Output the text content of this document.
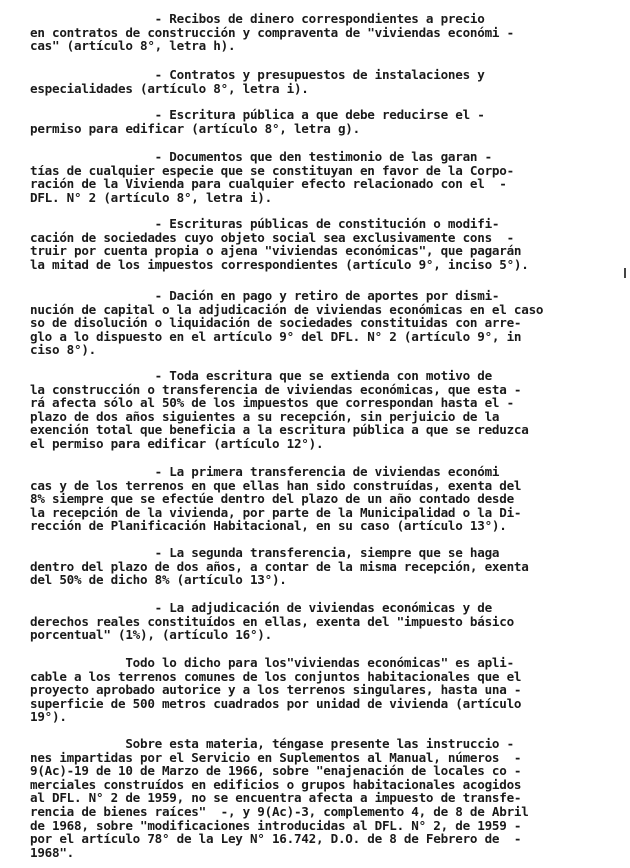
- Recibos de dinero correspondientes a precio
en contratos de construcción y compraventa de "viviendas económi -
cas" (artículo 8°, letra h).

- Contratos y presupuestos de instalaciones y
especialidades (artículo 8°, letra i).

- Escritura pública a que debe reducirse el -
permiso para edificar (artículo 8°, letra g).

- Documentos que den testimonio de las garan -
tías de cualquier especie que se constituyan en favor de la Corpo-
ración de la Vivienda para cualquier efecto relacionado con el  -
DFL. N° 2 (artículo 8°, letra i).

- Escrituras públicas de constitución o modifi-
cación de sociedades cuyo objeto social sea exclusivamente cons  -
truir por cuenta propia o ajena "viviendas económicas", que pagarán
la mitad de los impuestos correspondientes (artículo 9°, inciso 5°).

- Dación en pago y retiro de aportes por dismi-
nución de capital o la adjudicación de viviendas económicas en el caso
so de disolución o liquidación de sociedades constituidas con arre-
glo a lo dispuesto en el artículo 9° del DFL. N° 2 (artículo 9°, in
ciso 8°).

- Toda escritura que se extienda con motivo de
la construcción o transferencia de viviendas económicas, que esta -
rá afecta sólo al 50% de los impuestos que correspondan hasta el -
plazo de dos años siguientes a su recepción, sin perjuicio de la
exención total que beneficia a la escritura pública a que se reduzca
el permiso para edificar (artículo 12°).

- La primera transferencia de viviendas económi
cas y de los terrenos en que ellas han sido construídas, exenta del
8% siempre que se efectúe dentro del plazo de un año contado desde
la recepción de la vivienda, por parte de la Municipalidad o la Di-
rección de Planificación Habitacional, en su caso (artículo 13°).

- La segunda transferencia, siempre que se haga
dentro del plazo de dos años, a contar de la misma recepción, exenta
del 50% de dicho 8% (artículo 13°).

- La adjudicación de viviendas económicas y de
derechos reales constituídos en ellas, exenta del "impuesto básico
porcentual" (1%), (artículo 16°).

Todo lo dicho para los"viviendas económicas" es apli-
cable a los terrenos comunes de los conjuntos habitacionales que el
proyecto aprobado autorice y a los terrenos singulares, hasta una -
superficie de 500 metros cuadrados por unidad de vivienda (artículo
19°).

Sobre esta materia, téngase presente las instruccio -
nes impartidas por el Servicio en Suplementos al Manual, números  -
9(Ac)-19 de 10 de Marzo de 1966, sobre "enajenación de locales co -
merciales construídos en edificios o grupos habitacionales acogidos
al DFL. N° 2 de 1959, no se encuentra afecta a impuesto de transfe-
rencia de bienes raíces"  -, y 9(Ac)-3, complemento 4, de 8 de Abril
de 1968, sobre "modificaciones introducidas al DFL. N° 2, de 1959 -
por el artículo 78° de la Ley N° 16.742, D.O. de 8 de Febrero de  -
1968".
